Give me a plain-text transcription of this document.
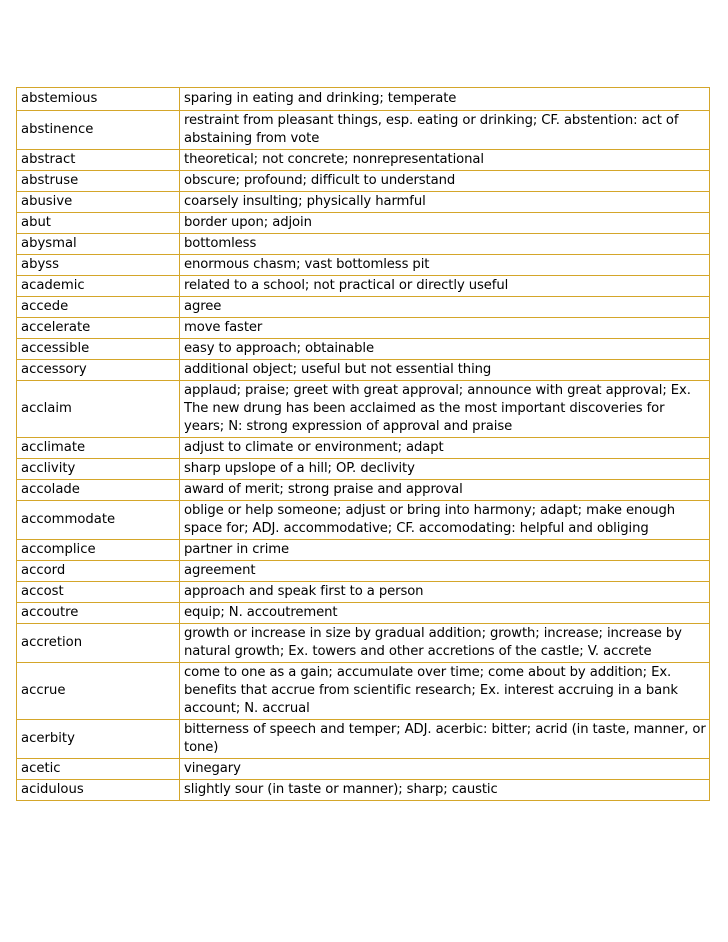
abstemious	sparing in eating and drinking; temperate
abstinence	restraint from pleasant things, esp. eating or drinking; CF. abstention: act of abstaining from vote
abstract	theoretical; not concrete; nonrepresentational
abstruse	obscure; profound; difficult to understand
abusive	coarsely insulting; physically harmful
abut	border upon; adjoin
abysmal	bottomless
abyss	enormous chasm; vast bottomless pit
academic	related to a school; not practical or directly useful
accede	agree
accelerate	move faster
accessible	easy to approach; obtainable
accessory	additional object; useful but not essential thing
acclaim	applaud; praise; greet with great approval; announce with great approval; Ex. The new drung has been acclaimed as the most important discoveries for years; N: strong expression of approval and praise
acclimate	adjust to climate or environment; adapt
acclivity	sharp upslope of a hill; OP. declivity
accolade	award of merit; strong praise and approval
accommodate	oblige or help someone; adjust or bring into harmony; adapt; make enough space for; ADJ. accommodative; CF. accomodating: helpful and obliging
accomplice	partner in crime
accord	agreement
accost	approach and speak first to a person
accoutre	equip; N. accoutrement
accretion	growth or increase in size by gradual addition; growth; increase; increase by natural growth; Ex. towers and other accretions of the castle; V. accrete
accrue	come to one as a gain; accumulate over time; come about by addition; Ex. benefits that accrue from scientific research; Ex. interest accruing in a bank account; N. accrual
acerbity	bitterness of speech and temper; ADJ. acerbic: bitter; acrid (in taste, manner, or tone)
acetic	vinegary
acidulous	slightly sour (in taste or manner); sharp; caustic
